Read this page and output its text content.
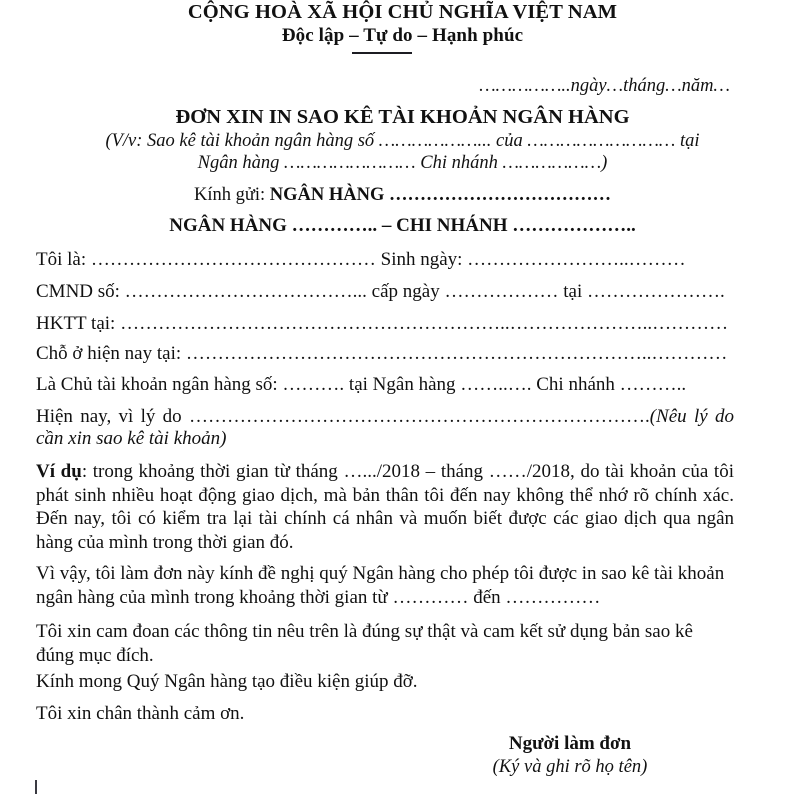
CỘNG HOÀ XÃ HỘI CHỦ NGHĨA VIỆT NAM
Độc lập – Tự do – Hạnh phúc
……………..ngày…tháng…năm…
ĐƠN XIN IN SAO KÊ TÀI KHOẢN NGÂN HÀNG
(V/v: Sao kê tài khoản ngân hàng số ………………... của ……………………… tại
Ngân hàng …………………… Chi nhánh ………………)
Kính gửi: NGÂN HÀNG ………………………………
NGÂN HÀNG ………….. – CHI NHÁNH ………………..
Tôi là: ……………………………………… Sinh ngày: ……………………..………
CMND số: ………………………………... cấp ngày ……………… tại ………………….
HKTT tại: ……………………………………………………..…………………..…………
Chỗ ở hiện nay tại: ………………………………………………………………..…………
Là Chủ tài khoản ngân hàng số: ………. tại Ngân hàng ……..…. Chi nhánh ………..
Hiện nay, vì lý do ……………………………………………………………….(Nêu lý do cần xin sao kê tài khoản)
Ví dụ: trong khoảng thời gian từ tháng ….../2018 – tháng ……/2018, do tài khoản của tôi phát sinh nhiều hoạt động giao dịch, mà bản thân tôi đến nay không thể nhớ rõ chính xác. Đến nay, tôi có kiểm tra lại tài chính cá nhân và muốn biết được các giao dịch qua ngân hàng của mình trong thời gian đó.
Vì vậy, tôi làm đơn này kính đề nghị quý Ngân hàng cho phép tôi được in sao kê tài khoản ngân hàng của mình trong khoảng thời gian từ ………… đến ……………
Tôi xin cam đoan các thông tin nêu trên là đúng sự thật và cam kết sử dụng bản sao kê đúng mục đích.
Kính mong Quý Ngân hàng tạo điều kiện giúp đỡ.
Tôi xin chân thành cảm ơn.
Người làm đơn
(Ký và ghi rõ họ tên)
